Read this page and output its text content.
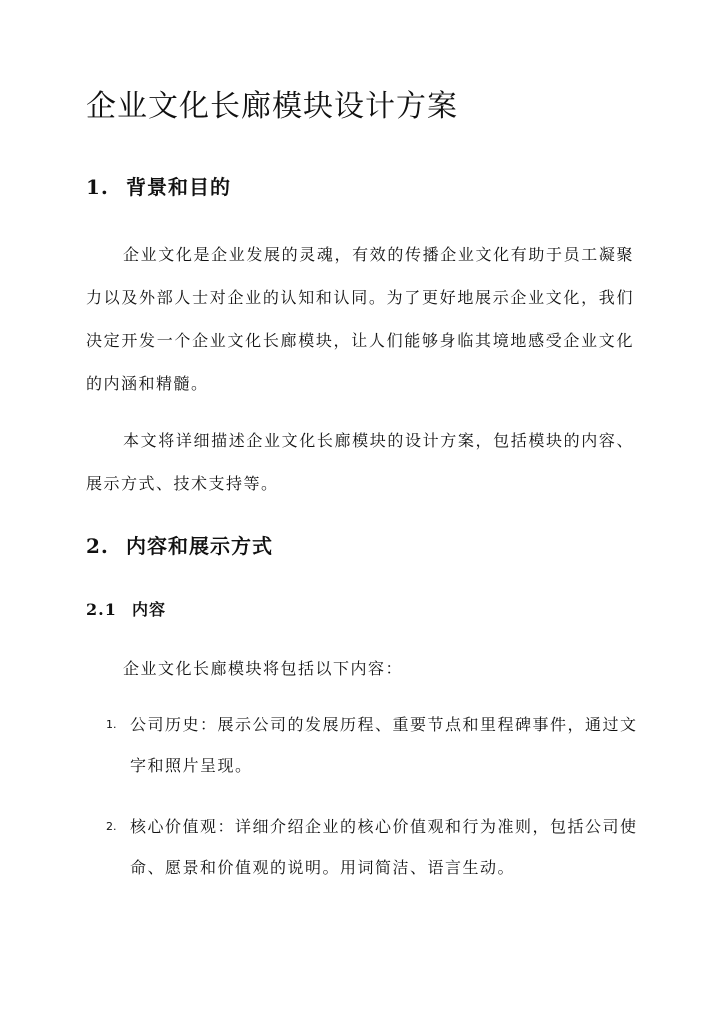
企业文化长廊模块设计方案
1. 背景和目的

企业文化是企业发展的灵魂，有效的传播企业文化有助于员工凝聚力以及外部人士对企业的认知和认同。为了更好地展示企业文化，我们决定开发一个企业文化长廊模块，让人们能够身临其境地感受企业文化的内涵和精髓。

本文将详细描述企业文化长廊模块的设计方案，包括模块的内容、展示方式、技术支持等。

2. 内容和展示方式
2.1 内容

企业文化长廊模块将包括以下内容：

1. 公司历史：展示公司的发展历程、重要节点和里程碑事件，通过文字和照片呈现。
2. 核心价值观：详细介绍企业的核心价值观和行为准则，包括公司使命、愿景和价值观的说明。用词简洁、语言生动。
